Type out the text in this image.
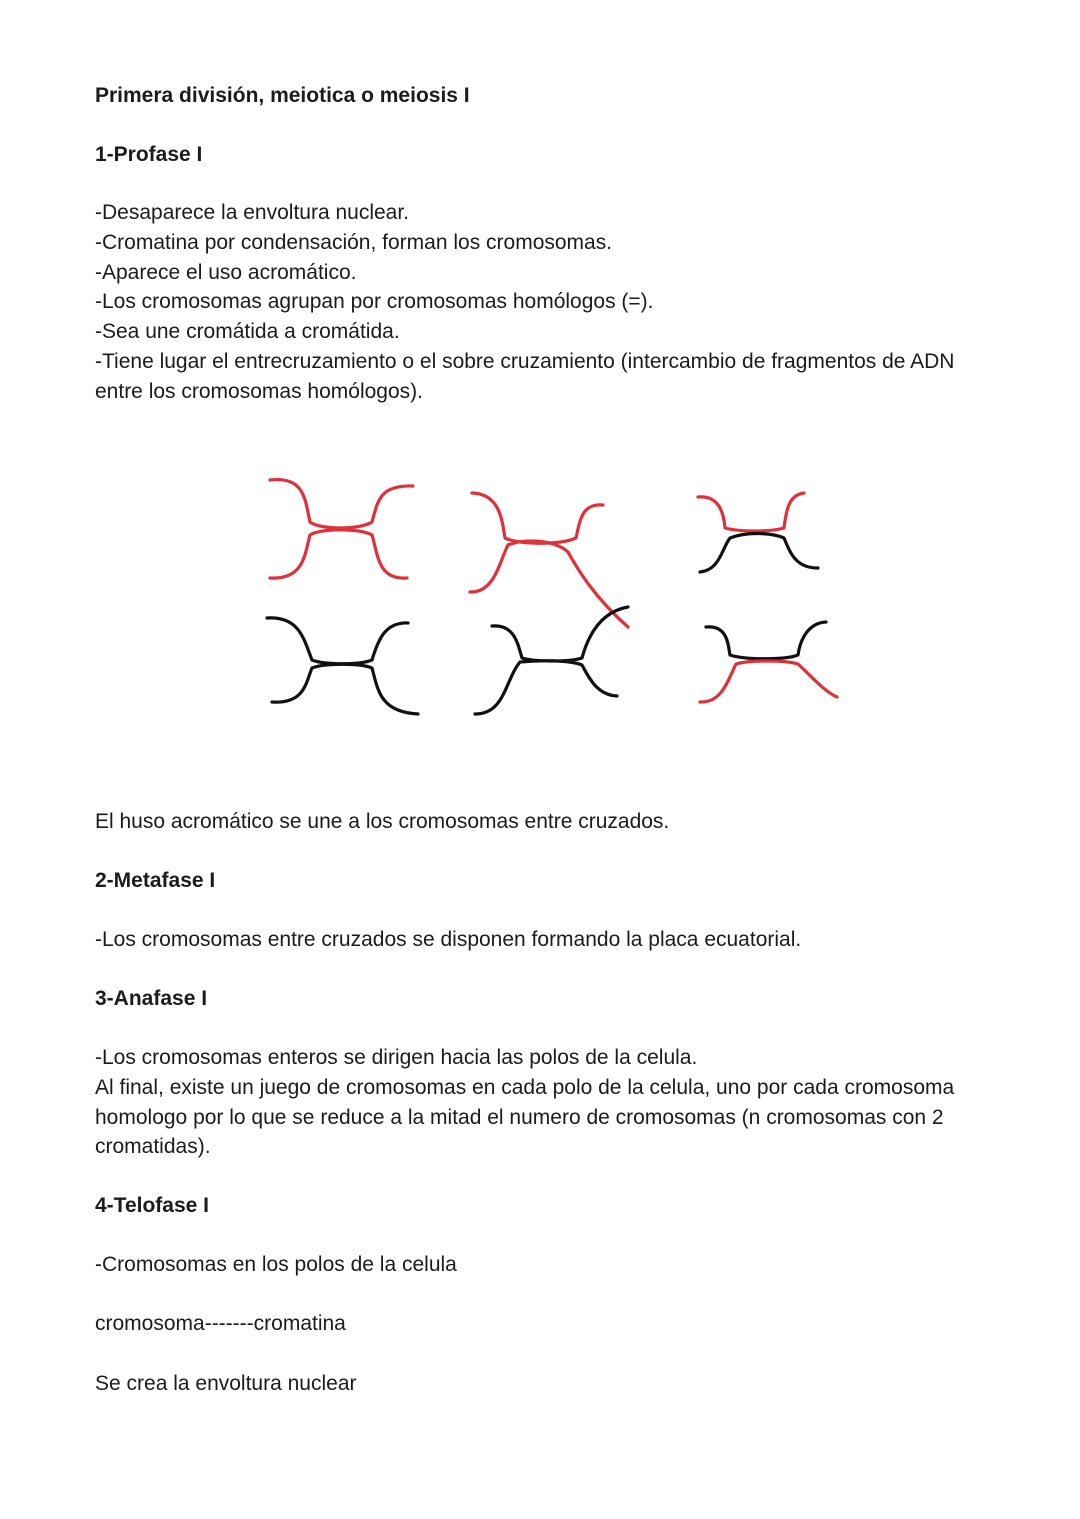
Primera división, meiotica o meiosis I
1-Profase I
-Desaparece la envoltura nuclear.
-Cromatina por condensación, forman los cromosomas.
-Aparece el uso acromático.
-Los cromosomas agrupan por cromosomas homólogos (=).
-Sea une cromátida a cromátida.
-Tiene lugar el entrecruzamiento o el sobre cruzamiento (intercambio de fragmentos de ADN entre los cromosomas homólogos).
El huso acromático se une a los cromosomas entre cruzados.
2-Metafase I
-Los cromosomas entre cruzados se disponen formando la placa ecuatorial.
3-Anafase I
-Los cromosomas enteros se dirigen hacia las polos de la celula.
Al final, existe un juego de cromosomas en cada polo de la celula, uno por cada cromosoma homologo por lo que se reduce a la mitad el numero de cromosomas (n cromosomas con 2 cromatidas).
4-Telofase I
-Cromosomas en los polos de la celula
cromosoma-------cromatina
Se crea la envoltura nuclear
